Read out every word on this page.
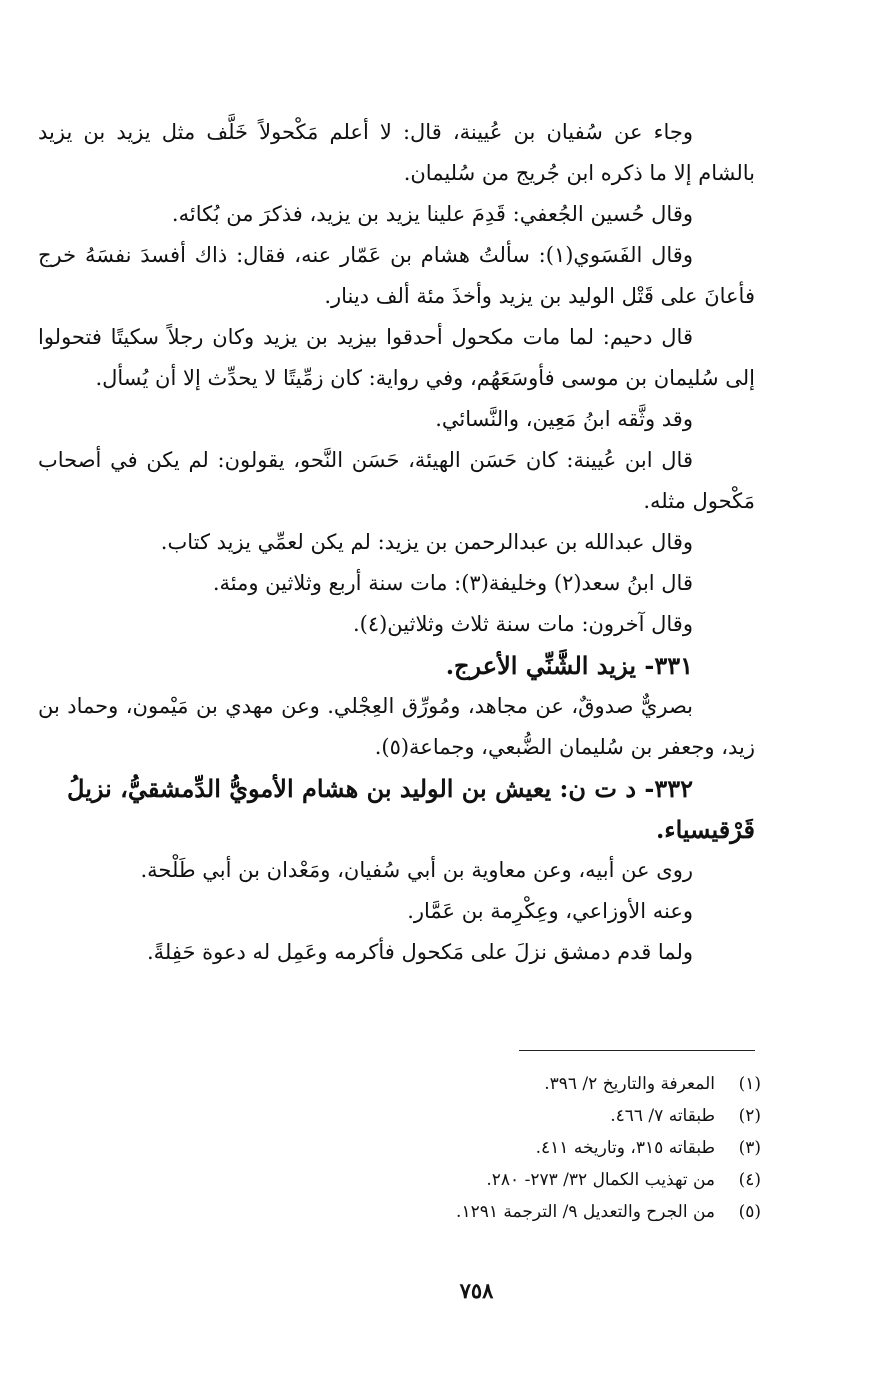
وجاء عن سُفيان بن عُيينة، قال: لا أعلم مَكْحولاً خَلَّف مثل يزيد بن يزيد بالشام إلا ما ذكره ابن جُريج من سُليمان.

وقال حُسين الجُعفي: قَدِمَ علينا يزيد بن يزيد، فذكرَ من بُكائه.

وقال الفَسَوي(١): سألتُ هشام بن عَمّار عنه، فقال: ذاك أفسدَ نفسَهُ خرج فأعانَ على قَتْل الوليد بن يزيد وأخذَ مئة ألف دينار.

قال دحيم: لما مات مكحول أحدقوا بيزيد بن يزيد وكان رجلاً سكيتًا فتحولوا إلى سُليمان بن موسى فأوسَعَهُم، وفي رواية: كان زمِّيتًا لا يحدِّث إلا أن يُسأل.

وقد وثَّقه ابنُ مَعِين، والنَّسائي.

قال ابن عُيينة: كان حَسَن الهيئة، حَسَن النَّحو، يقولون: لم يكن في أصحاب مَكْحول مثله.

وقال عبدالله بن عبدالرحمن بن يزيد: لم يكن لعمِّي يزيد كتاب.

قال ابنُ سعد(٢) وخليفة(٣): مات سنة أربع وثلاثين ومئة.

وقال آخرون: مات سنة ثلاث وثلاثين(٤).

٣٣١- يزيد الشَّنِّي الأعرج.

بصريٌّ صدوقٌ، عن مجاهد، ومُورِّق العِجْلي. وعن مهدي بن مَيْمون، وحماد بن زيد، وجعفر بن سُليمان الضُّبعي، وجماعة(٥).

٣٣٢- د ت ن: يعيش بن الوليد بن هشام الأمويُّ الدِّمشقيُّ، نزيلُ قَرْقيسياء.

روى عن أبيه، وعن معاوية بن أبي سُفيان، ومَعْدان بن أبي طَلْحة.

وعنه الأوزاعي، وعِكْرِمة بن عَمَّار.

ولما قدم دمشق نزلَ على مَكحول فأكرمه وعَمِل له دعوة حَفِلةً.

(١)
المعرفة والتاريخ ٢/ ٣٩٦.
(٢)
طبقاته ٧/ ٤٦٦.
(٣)
طبقاته ٣١٥، وتاريخه ٤١١.
(٤)
من تهذيب الكمال ٣٢/ ٢٧٣- ٢٨٠.
(٥)
من الجرح والتعديل ٩/ الترجمة ١٢٩١.
٧٥٨
